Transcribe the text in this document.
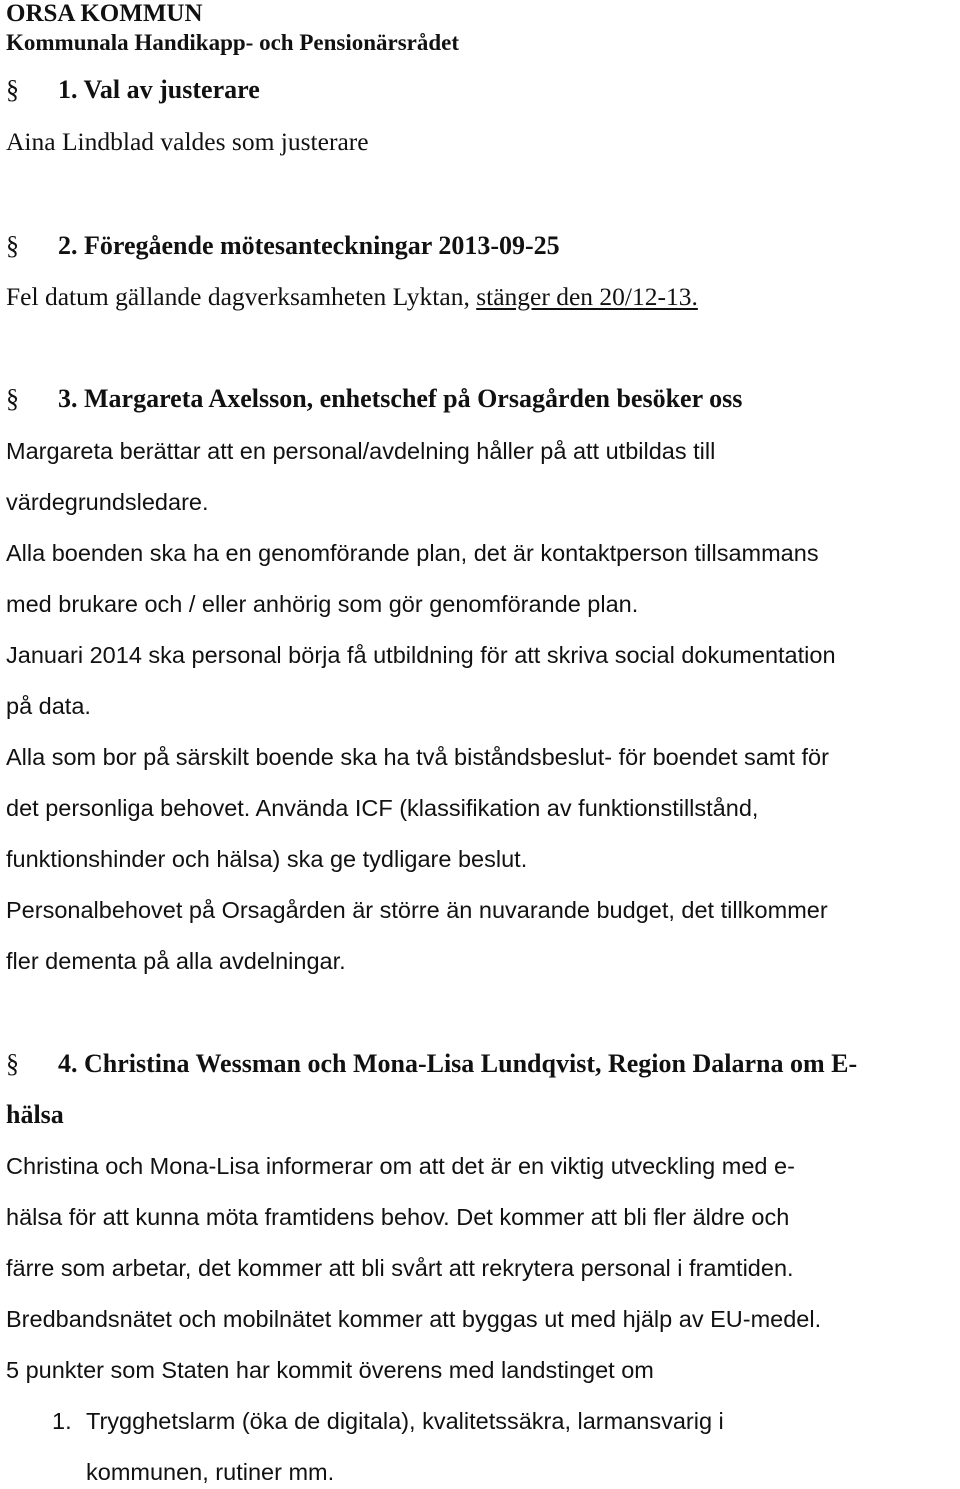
ORSA KOMMUN
Kommunala Handikapp- och Pensionärsrådet
§ 1. Val av justerare
Aina Lindblad valdes som justerare
§ 2. Föregående mötesanteckningar 2013-09-25
Fel datum gällande dagverksamheten Lyktan, stänger den 20/12-13.
§ 3. Margareta Axelsson, enhetschef på Orsagården besöker oss
Margareta berättar att en personal/avdelning håller på att utbildas till
värdegrundsledare.
Alla boenden ska ha en genomförande plan, det är kontaktperson tillsammans
med brukare och / eller anhörig som gör genomförande plan.
Januari 2014 ska personal börja få utbildning för att skriva social dokumentation
på data.
Alla som bor på särskilt boende ska ha två biståndsbeslut- för boendet samt för
det personliga behovet. Använda ICF (klassifikation av funktionstillstånd,
funktionshinder och hälsa) ska ge tydligare beslut.
Personalbehovet på Orsagården är större än nuvarande budget, det tillkommer
fler dementa på alla avdelningar.
§ 4. Christina Wessman och Mona-Lisa Lundqvist, Region Dalarna om E-
hälsa
Christina och Mona-Lisa informerar om att det är en viktig utveckling med e-
hälsa för att kunna möta framtidens behov. Det kommer att bli fler äldre och
färre som arbetar, det kommer att bli svårt att rekrytera personal i framtiden.
Bredbandsnätet och mobilnätet kommer att byggas ut med hjälp av EU-medel.
5 punkter som Staten har kommit överens med landstinget om
1. Trygghetslarm (öka de digitala), kvalitetssäkra, larmansvarig i
kommunen, rutiner mm.
